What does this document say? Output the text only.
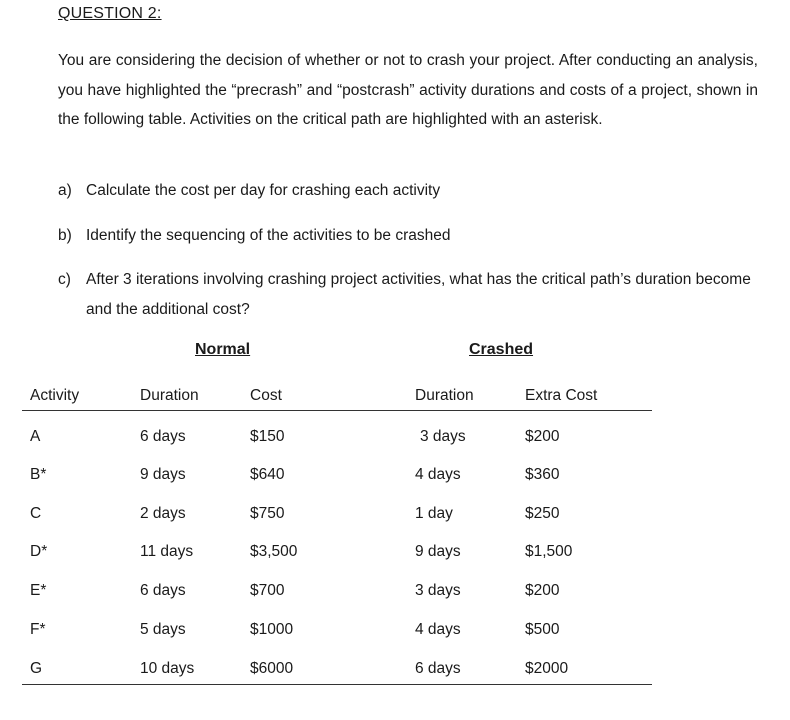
QUESTION 2:
You are considering the decision of whether or not to crash your project. After conducting an analysis, you have highlighted the “precrash” and “postcrash” activity durations and costs of a project, shown in the following table. Activities on the critical path are highlighted with an asterisk.
a) Calculate the cost per day for crashing each activity
b) Identify the sequencing of the activities to be crashed
c) After 3 iterations involving crashing project activities, what has the critical path’s duration become and the additional cost?
Normal	Crashed
Activity	Duration	Cost	Duration	Extra Cost
A	6 days	$150	3 days	$200
B*	9 days	$640	4 days	$360
C	2 days	$750	1 day	$250
D*	11 days	$3,500	9 days	$1,500
E*	6 days	$700	3 days	$200
F*	5 days	$1000	4 days	$500
G	10 days	$6000	6 days	$2000
